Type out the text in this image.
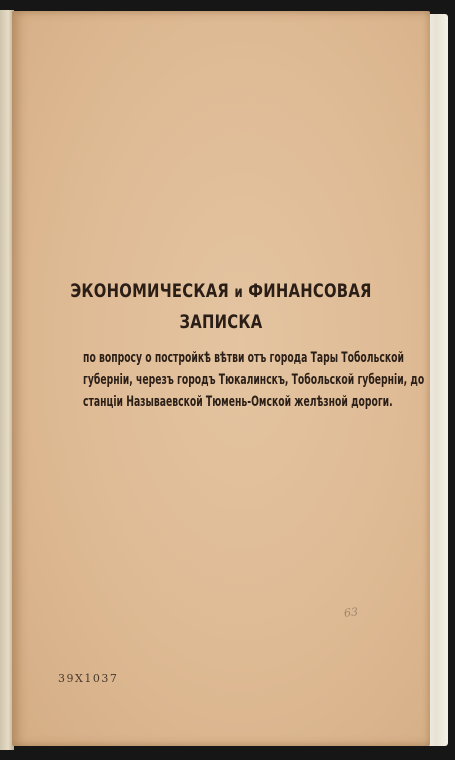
ЭКОНОМИЧЕСКАЯ и ФИНАНСОВАЯ
ЗАПИСКА
по вопросу о постройкѣ вѣтви отъ города Тары Тобольской
губерніи, черезъ городъ Тюкалинскъ, Тобольской губерніи, до
станціи Называевской Тюмень-Омской желѣзной дороги.
63
39X1037
